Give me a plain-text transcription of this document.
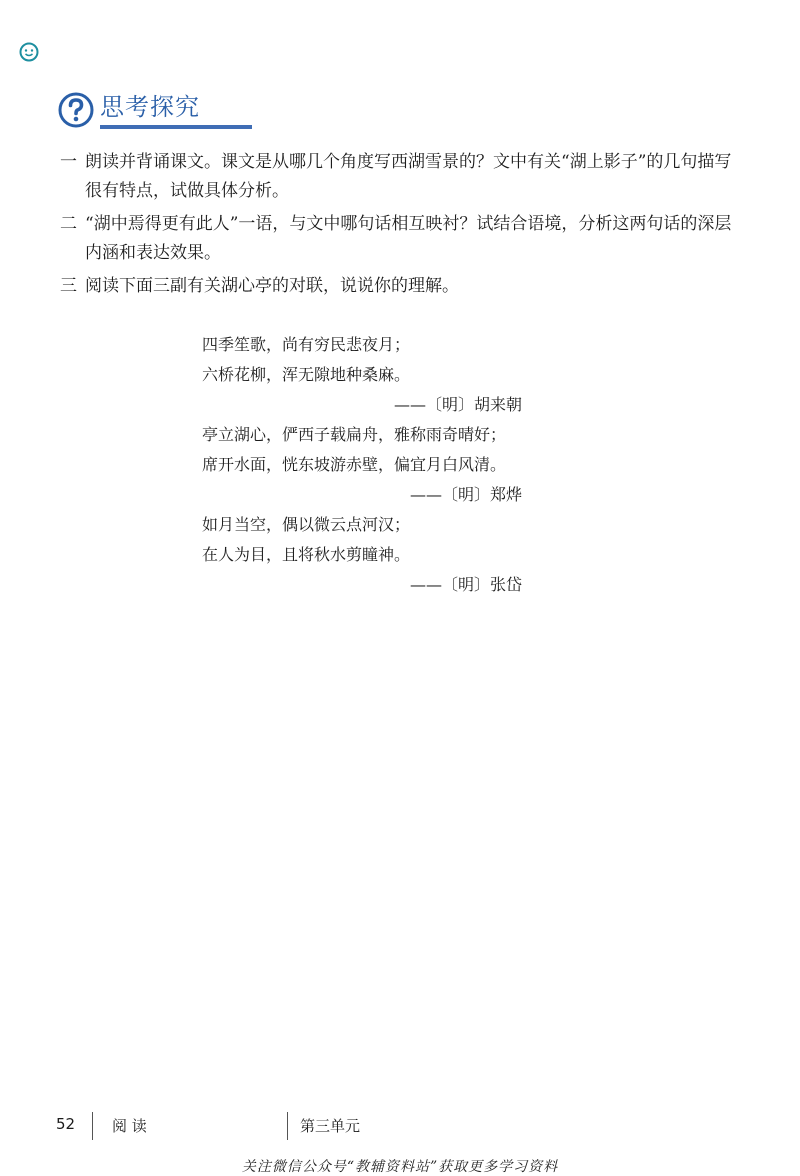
思考探究
一 朗读并背诵课文。课文是从哪几个角度写西湖雪景的？文中有关“湖上影子”的几句描写很有特点，试做具体分析。
二 “湖中焉得更有此人”一语，与文中哪句话相互映衬？试结合语境，分析这两句话的深层内涵和表达效果。
三 阅读下面三副有关湖心亭的对联，说说你的理解。
四季笙歌，尚有穷民悲夜月；
六桥花柳，浑无隙地种桑麻。
——〔明〕胡来朝
亭立湖心，俨西子载扁舟，雅称雨奇晴好；
席开水面，恍东坡游赤壁，偏宜月白风清。
——〔明〕郑烨
如月当空，偶以微云点河汉；
在人为目，且将秋水剪瞳神。
——〔明〕张岱
52 阅 读	第三单元
关注微信公众号“教辅资料站”获取更多学习资料
